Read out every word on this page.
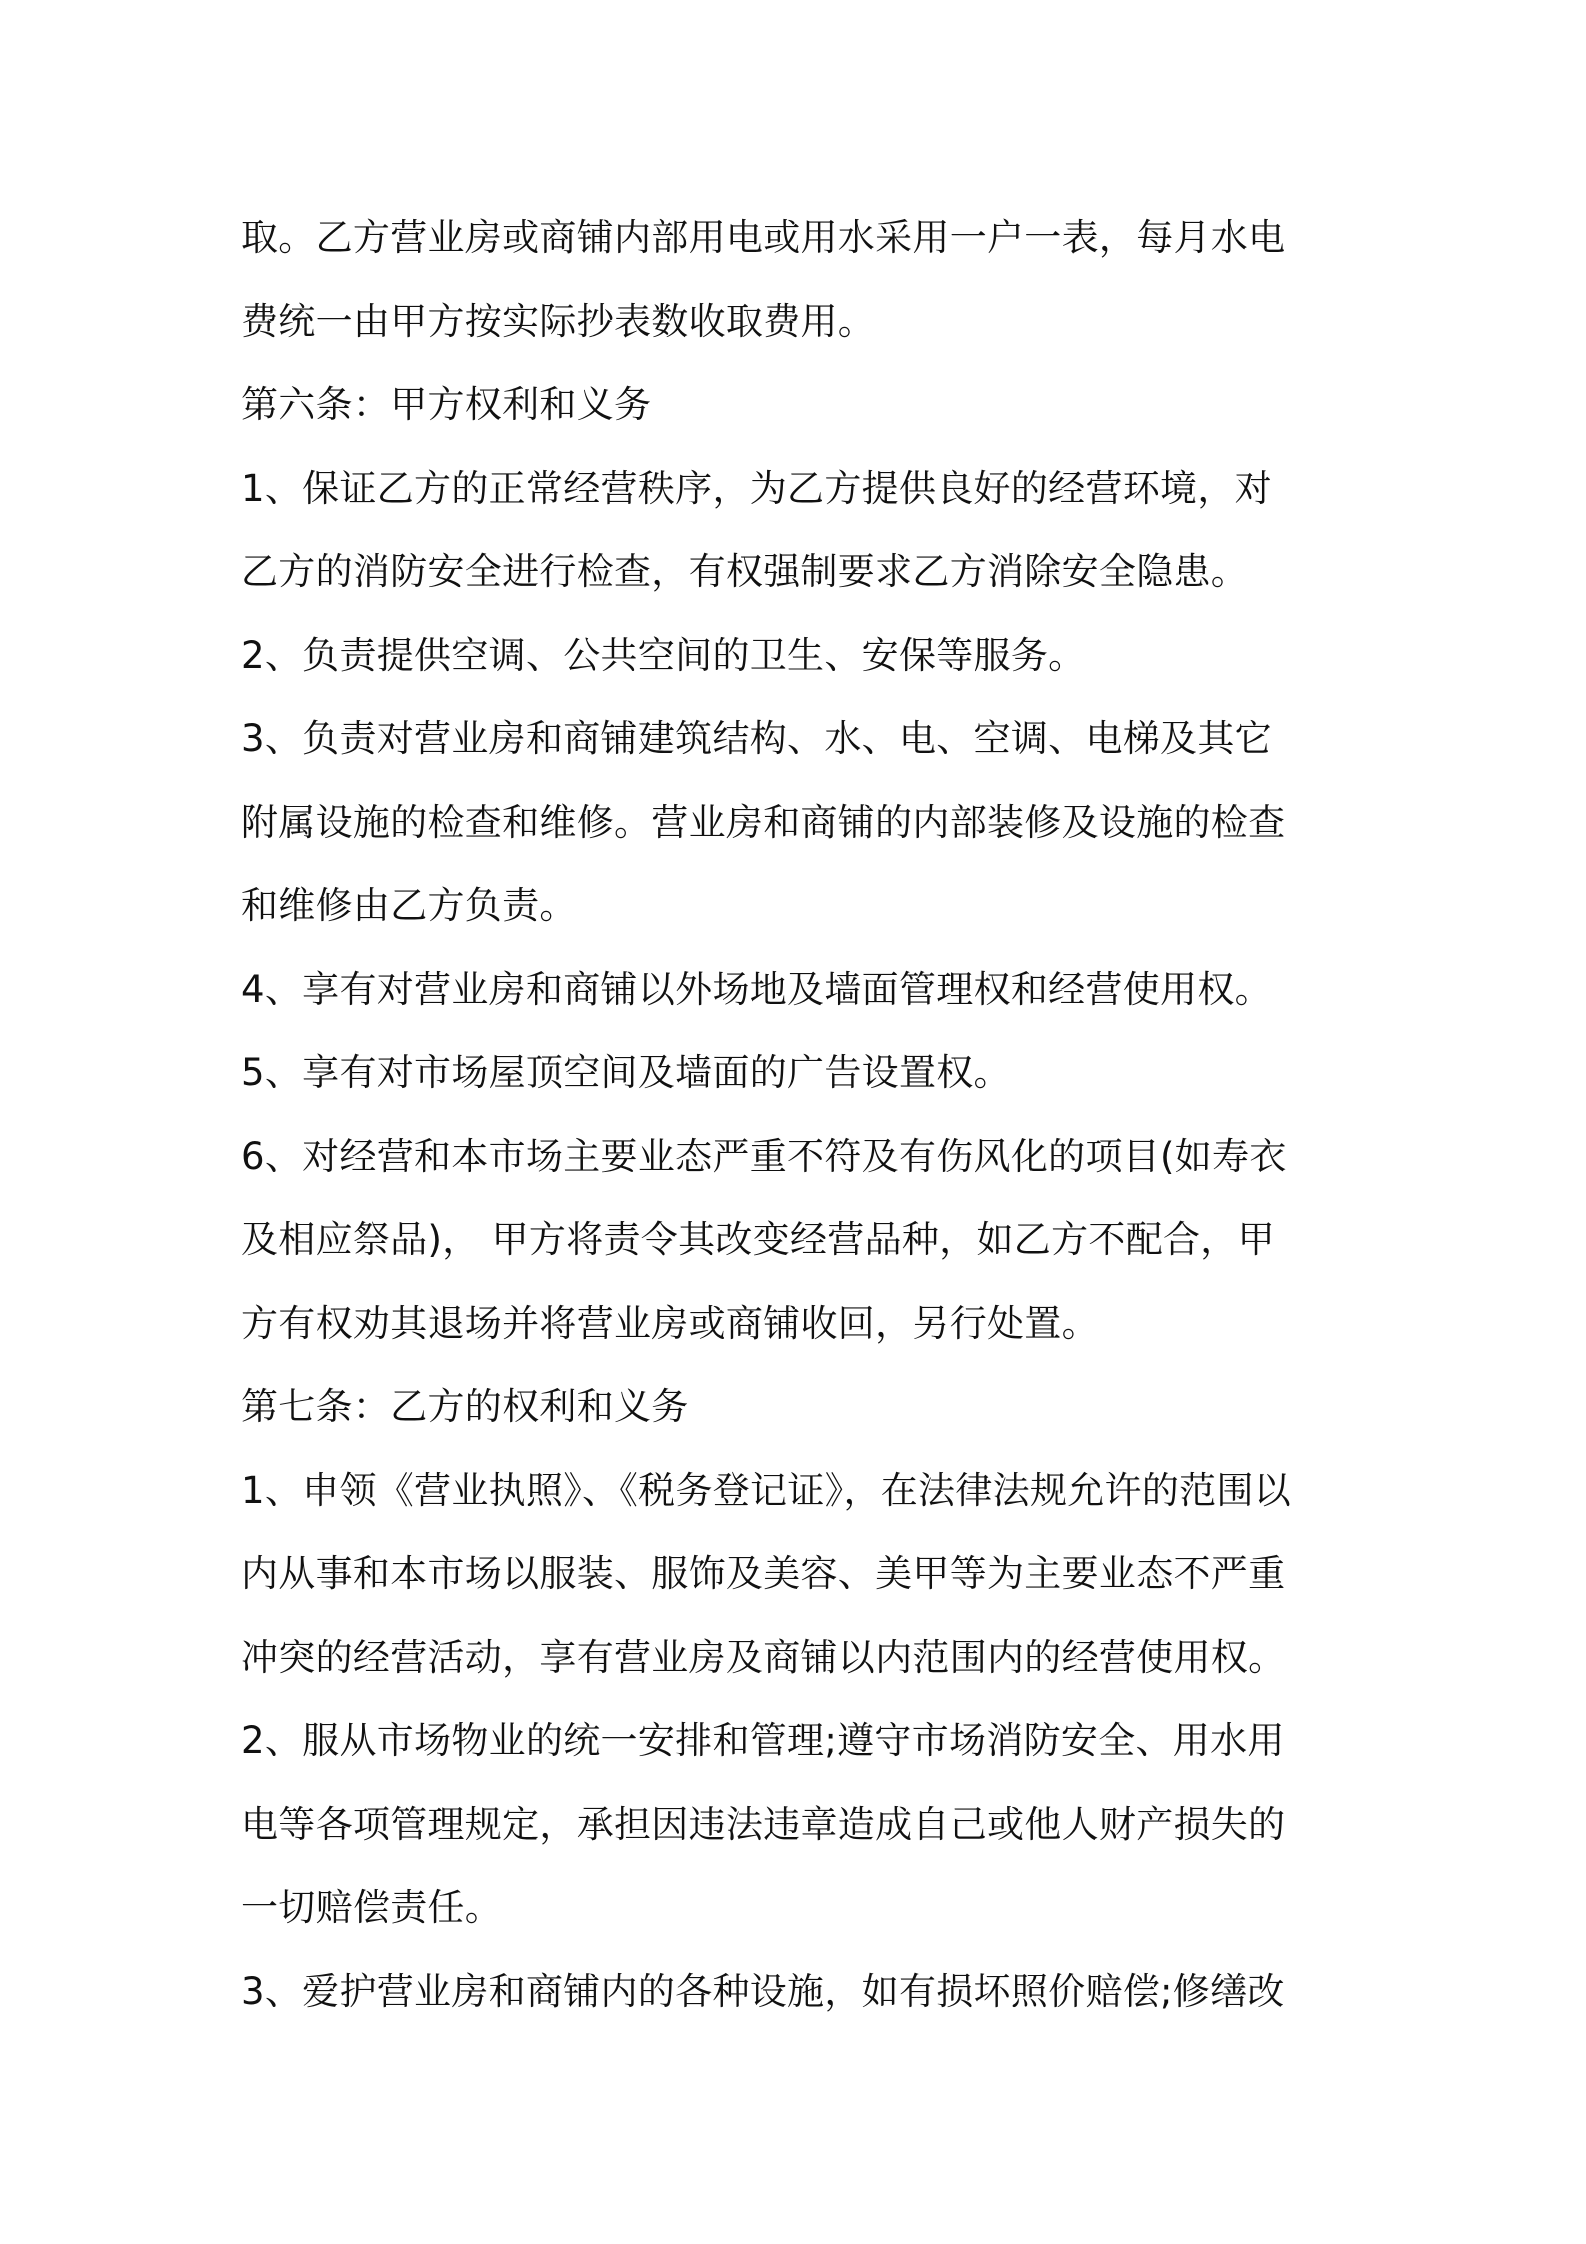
取。乙方营业房或商铺内部用电或用水采用一户一表，每月水电
费统一由甲方按实际抄表数收取费用。
第六条：甲方权利和义务
1、保证乙方的正常经营秩序，为乙方提供良好的经营环境，对
乙方的消防安全进行检查，有权强制要求乙方消除安全隐患。
2、负责提供空调、公共空间的卫生、安保等服务。
3、负责对营业房和商铺建筑结构、水、电、空调、电梯及其它
附属设施的检查和维修。营业房和商铺的内部装修及设施的检查
和维修由乙方负责。
4、享有对营业房和商铺以外场地及墙面管理权和经营使用权。
5、享有对市场屋顶空间及墙面的广告设置权。
6、对经营和本市场主要业态严重不符及有伤风化的项目(如寿衣
及相应祭品)， 甲方将责令其改变经营品种，如乙方不配合，甲
方有权劝其退场并将营业房或商铺收回，另行处置。
第七条：乙方的权利和义务
1、申领《营业执照》、《税务登记证》，在法律法规允许的范围以
内从事和本市场以服装、服饰及美容、美甲等为主要业态不严重
冲突的经营活动，享有营业房及商铺以内范围内的经营使用权。
2、服从市场物业的统一安排和管理;遵守市场消防安全、用水用
电等各项管理规定，承担因违法违章造成自己或他人财产损失的
一切赔偿责任。
3、爱护营业房和商铺内的各种设施，如有损坏照价赔偿;修缮改
